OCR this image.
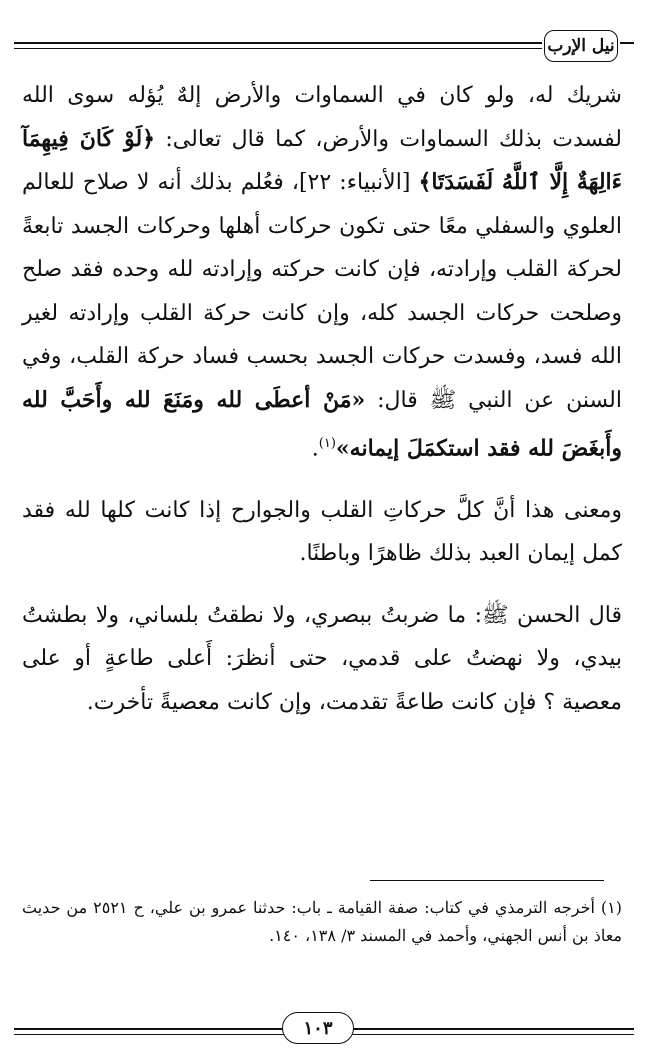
نيل الإرب

شريك له، ولو كان في السماوات والأرض إلهٌ يُؤله سوى الله لفسدت بذلك السماوات والأرض، كما قال تعالى: ﴿لَوْ كَانَ فِيهِمَآ ءَالِهَةٌ إِلَّا ٱللَّهُ لَفَسَدَتَا﴾ [الأنبياء: ٢٢]، فعُلم بذلك أنه لا صلاح للعالم العلوي والسفلي معًا حتى تكون حركات أهلها وحركات الجسد تابعةً لحركة القلب وإرادته، فإن كانت حركته وإرادته لله وحده فقد صلح وصلحت حركات الجسد كله، وإن كانت حركة القلب وإرادته لغير الله فسد، وفسدت حركات الجسد بحسب فساد حركة القلب، وفي السنن عن النبي ﷺ قال: «مَنْ أعطَى لله ومَنَعَ لله وأَحَبَّ لله وأَبغَضَ لله فقد استكمَلَ إيمانه»$^{(١)}$.

ومعنى هذا أنَّ كلَّ حركاتِ القلب والجوارح إذا كانت كلها لله فقد كمل إيمان العبد بذلك ظاهرًا وباطنًا.

قال الحسن ﷺ: ما ضربتُ ببصري، ولا نطقتُ بلساني، ولا بطشتُ بيدي، ولا نهضتُ على قدمي، حتى أنظرَ: أَعلى طاعةٍ أو على معصية ؟ فإن كانت طاعةً تقدمت، وإن كانت معصيةً تأخرت.

(١) أخرجه الترمذي في كتاب: صفة القيامة ـ باب: حدثنا عمرو بن علي، ح ٢٥٢١ من حديث معاذ بن أنس الجهني، وأحمد في المسند ٣/ ١٣٨، ١٤٠.

١٠٣
